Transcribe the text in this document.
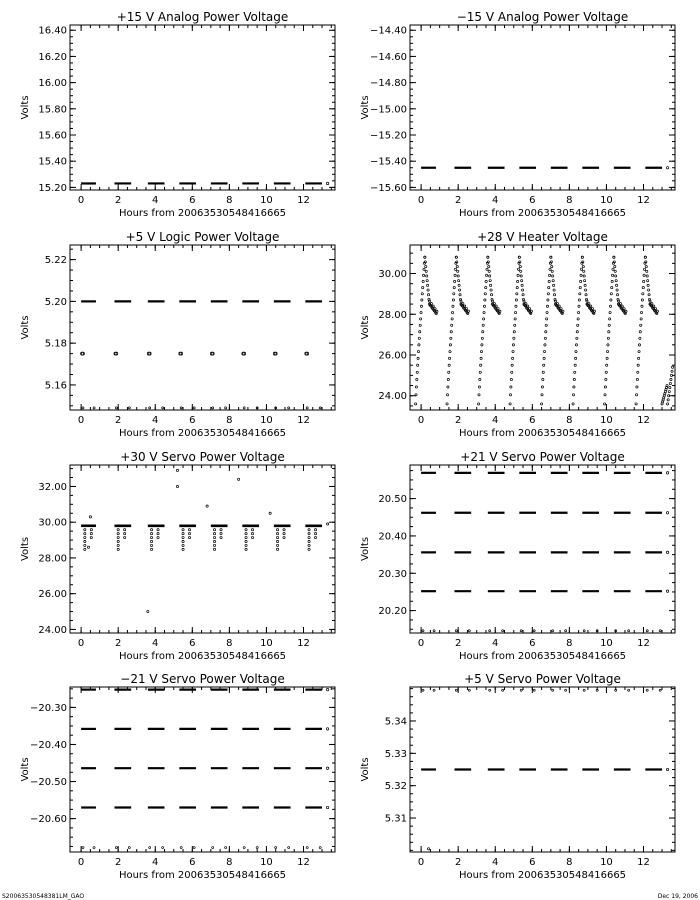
+15 V Analog Power Voltage
0	2	4	6	8	10 12
15.20
15.40
15.60
15.80
16.00
16.20
16.40
Hours from 20063530548416665
Volts
−15 V Analog Power Voltage
0	2	4	6	8	10 12
−15.60
−15.40
−15.20
−15.00
−14.80
−14.60
−14.40
Hours from 20063530548416665
Volts
+5 V Logic Power Voltage
0	2	4	6	8	10 12
5.16
5.18
5.20
5.22
Hours from 20063530548416665
Volts
+28 V Heater Voltage
0	2	4	6	8	10 12
24.00
26.00
28.00
30.00
Hours from 20063530548416665
Volts
+30 V Servo Power Voltage
0	2	4	6	8	10 12
24.00
26.00
28.00
30.00
32.00
Hours from 20063530548416665
Volts
+21 V Servo Power Voltage
0	2	4	6	8	10 12
20.20
20.30
20.40
20.50
Hours from 20063530548416665
Volts
−21 V Servo Power Voltage
0	2	4	6	8	10 12
−20.60
−20.50
−20.40
−20.30
Hours from 20063530548416665
Volts
+5 V Servo Power Voltage
0	2	4	6	8	10 12
5.31
5.32
5.33
5.34
Hours from 20063530548416665
Volts
S20063530548381LM_GAO	Dec 19, 2006
